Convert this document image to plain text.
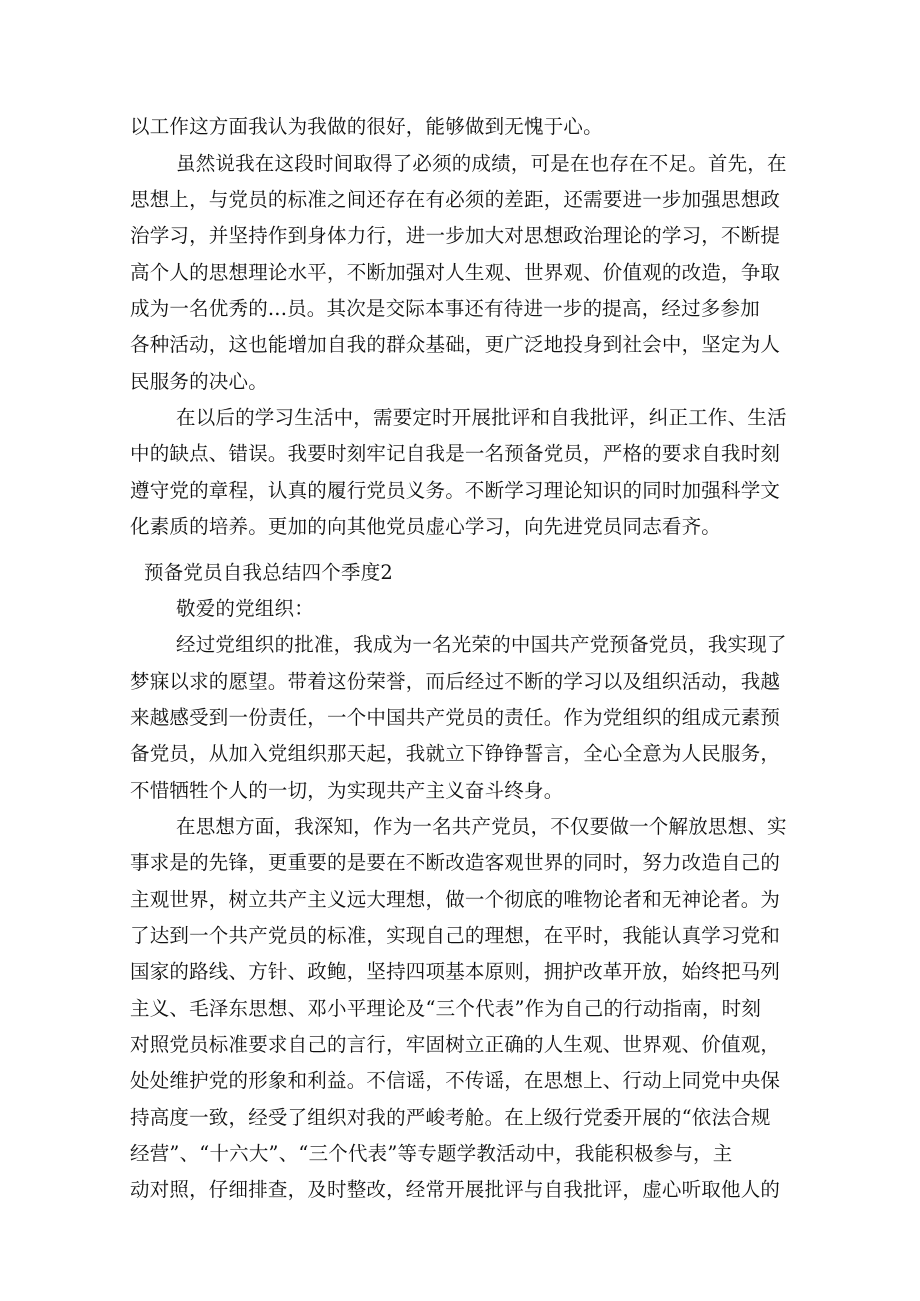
以工作这方面我认为我做的很好，能够做到无愧于心。
虽然说我在这段时间取得了必须的成绩，可是在也存在不足。首先，在
思想上，与党员的标准之间还存在有必须的差距，还需要进一步加强思想政
治学习，并坚持作到身体力行，进一步加大对思想政治理论的学习，不断提
高个人的思想理论水平，不断加强对人生观、世界观、价值观的改造，争取
成为一名优秀的...员。其次是交际本事还有待进一步的提高，经过多参加
各种活动，这也能增加自我的群众基础，更广泛地投身到社会中，坚定为人
民服务的决心。
在以后的学习生活中，需要定时开展批评和自我批评，纠正工作、生活
中的缺点、错误。我要时刻牢记自我是一名预备党员，严格的要求自我时刻
遵守党的章程，认真的履行党员义务。不断学习理论知识的同时加强科学文
化素质的培养。更加的向其他党员虚心学习，向先进党员同志看齐。
预备党员自我总结四个季度2
敬爱的党组织：
经过党组织的批准，我成为一名光荣的中国共产党预备党员，我实现了
梦寐以求的愿望。带着这份荣誉，而后经过不断的学习以及组织活动，我越
来越感受到一份责任，一个中国共产党员的责任。作为党组织的组成元素预
备党员，从加入党组织那天起，我就立下铮铮誓言，全心全意为人民服务，
不惜牺牲个人的一切，为实现共产主义奋斗终身。
在思想方面，我深知，作为一名共产党员，不仅要做一个解放思想、实
事求是的先锋，更重要的是要在不断改造客观世界的同时，努力改造自己的
主观世界，树立共产主义远大理想，做一个彻底的唯物论者和无神论者。为
了达到一个共产党员的标准，实现自己的理想，在平时，我能认真学习党和
国家的路线、方针、政鲍，坚持四项基本原则，拥护改革开放，始终把马列
主义、毛泽东思想、邓小平理论及“三个代表”作为自己的行动指南，时刻
对照党员标准要求自己的言行，牢固树立正确的人生观、世界观、价值观，
处处维护党的形象和利益。不信谣，不传谣，在思想上、行动上同党中央保
持高度一致，经受了组织对我的严峻考舱。在上级行党委开展的“依法合规
经营”、“十六大”、“三个代表”等专题学教活动中，我能积极参与，主
动对照，仔细排查，及时整改，经常开展批评与自我批评，虚心听取他人的
